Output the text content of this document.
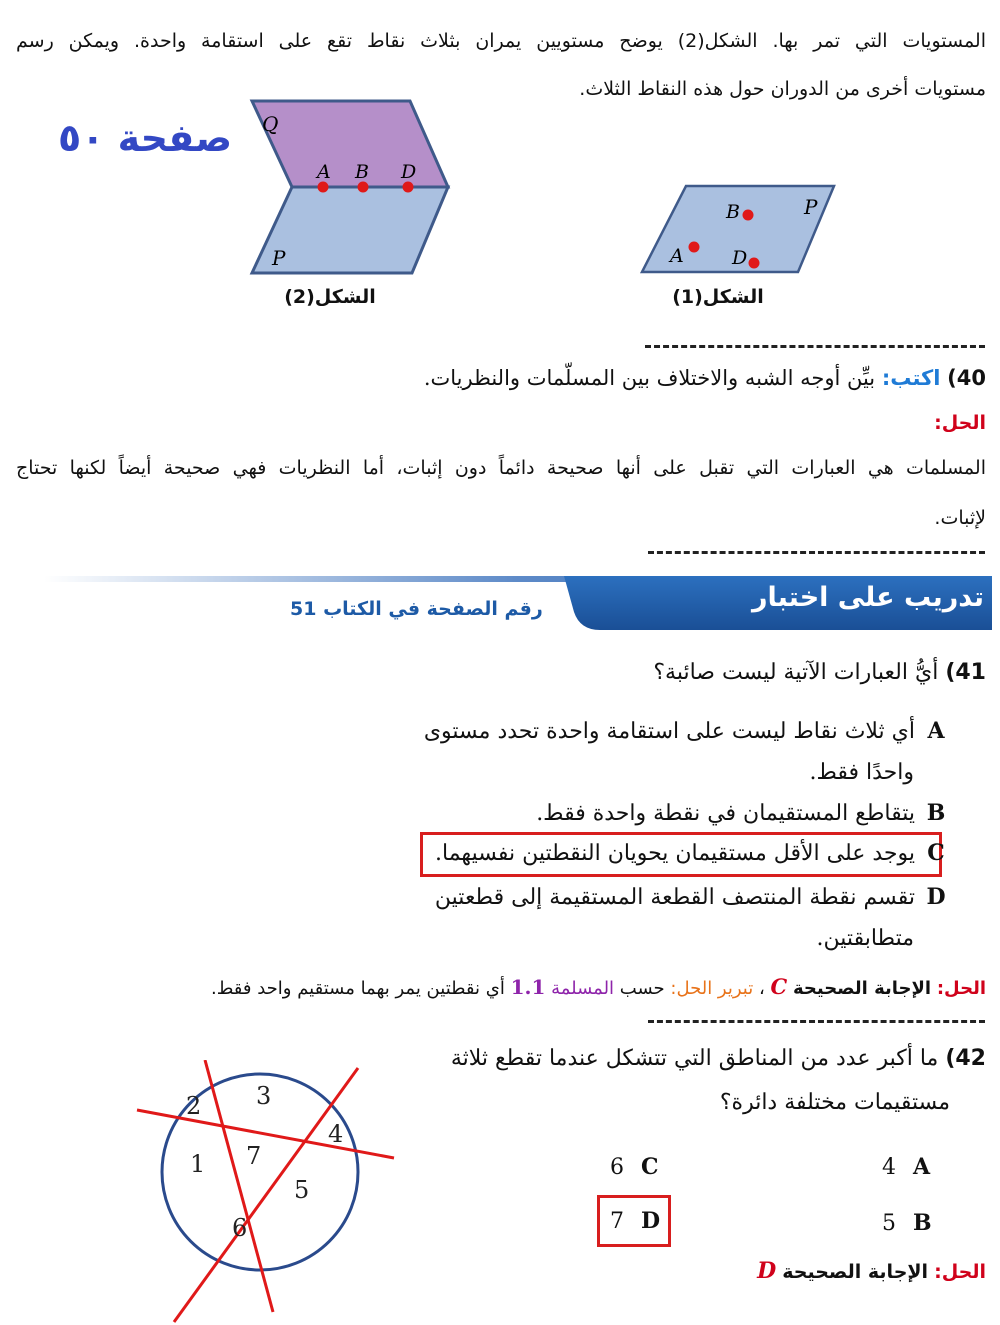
المستويات التي تمر بها. الشكل(2) يوضح مستويين يمران بثلاث نقاط تقع على استقامة واحدة. ويمكن رسم
مستويات أخرى من الدوران حول هذه النقاط الثلاث.
صفحة ٥٠ Q
P
A B D
الشكل(2)
P
B
A	D
الشكل(1)
40) اكتب: بيِّن أوجه الشبه والاختلاف بين المسلّمات والنظريات.
الحل:
المسلمات هي العبارات التي تقبل على أنها صحيحة دائماً دون إثبات، أما النظريات فهي صحيحة أيضاً لكنها تحتاج
لإثبات.
تدريب على اختبار
رقم الصفحة في الكتاب 51
41) أيُّ العبارات الآتية ليست صائبة؟
A أي ثلاث نقاط ليست على استقامة واحدة تحدد مستوى
واحدًا فقط.
B يتقاطع المستقيمان في نقطة واحدة فقط.
C يوجد على الأقل مستقيمان يحويان النقطتين نفسيهما.
D تقسم نقطة المنتصف القطعة المستقيمة إلى قطعتين
متطابقتين.
الحل: الإجابة الصحيحة C ، تبرير الحل: حسب المسلمة 1.1 أي نقطتين يمر بهما مستقيم واحد فقط.
42) ما أكبر عدد من المناطق التي تتشكل عندما تقطع ثلاثة
مستقيمات مختلفة دائرة؟
1
2 3
4
5
6
7	4 A
6 C
5 B
7 D
الحل: الإجابة الصحيحة D
